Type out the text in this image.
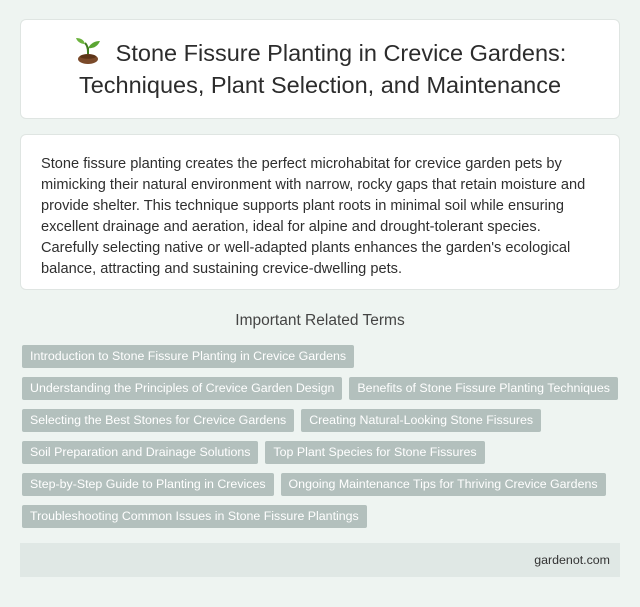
Stone Fissure Planting in Crevice Gardens: Techniques, Plant Selection, and Maintenance

Stone fissure planting creates the perfect microhabitat for crevice garden pets by mimicking their natural environment with narrow, rocky gaps that retain moisture and provide shelter. This technique supports plant roots in minimal soil while ensuring excellent drainage and aeration, ideal for alpine and drought-tolerant species. Carefully selecting native or well-adapted plants enhances the garden's ecological balance, attracting and sustaining crevice-dwelling pets.

Important Related Terms
Introduction to Stone Fissure Planting in Crevice Gardens
Understanding the Principles of Crevice Garden Design	Benefits of Stone Fissure Planting Techniques
Selecting the Best Stones for Crevice Gardens	Creating Natural-Looking Stone Fissures
Soil Preparation and Drainage Solutions	Top Plant Species for Stone Fissures
Step-by-Step Guide to Planting in Crevices	Ongoing Maintenance Tips for Thriving Crevice Gardens
Troubleshooting Common Issues in Stone Fissure Plantings
gardenot.com
